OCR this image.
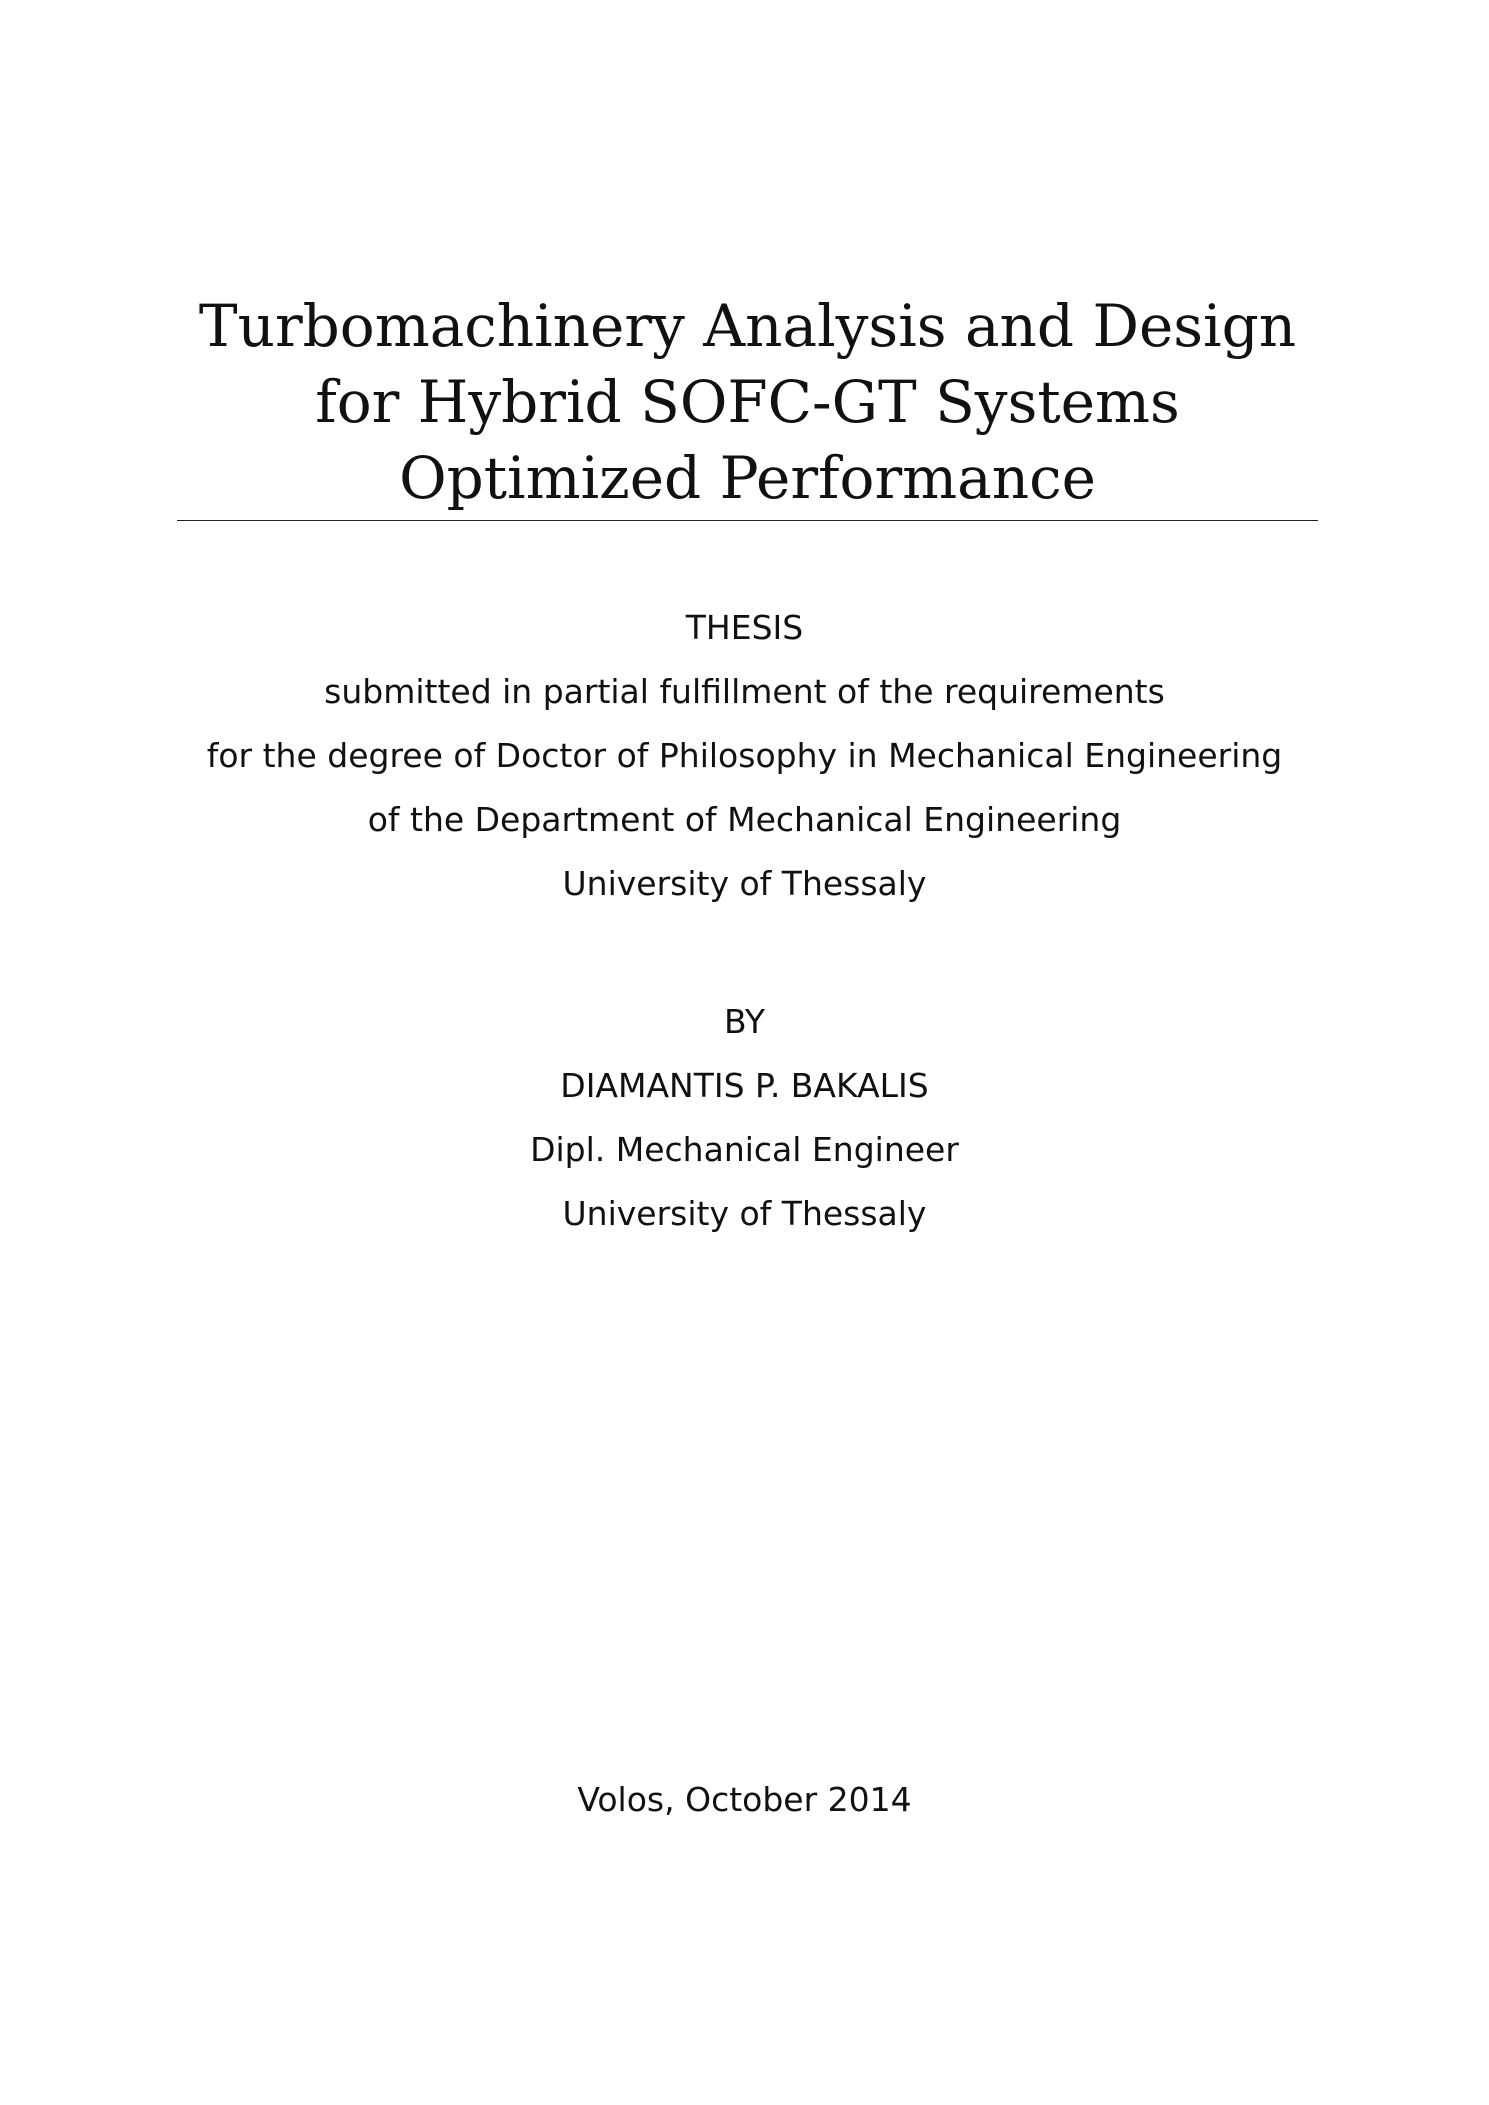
Turbomachinery Analysis and Design
for Hybrid SOFC-GT Systems
Optimized Performance
THESIS
submitted in partial fulfillment of the requirements
for the degree of Doctor of Philosophy in Mechanical Engineering
of the Department of Mechanical Engineering
University of Thessaly
BY
DIAMANTIS P. BAKALIS
Dipl. Mechanical Engineer
University of Thessaly
Volos, October 2014
